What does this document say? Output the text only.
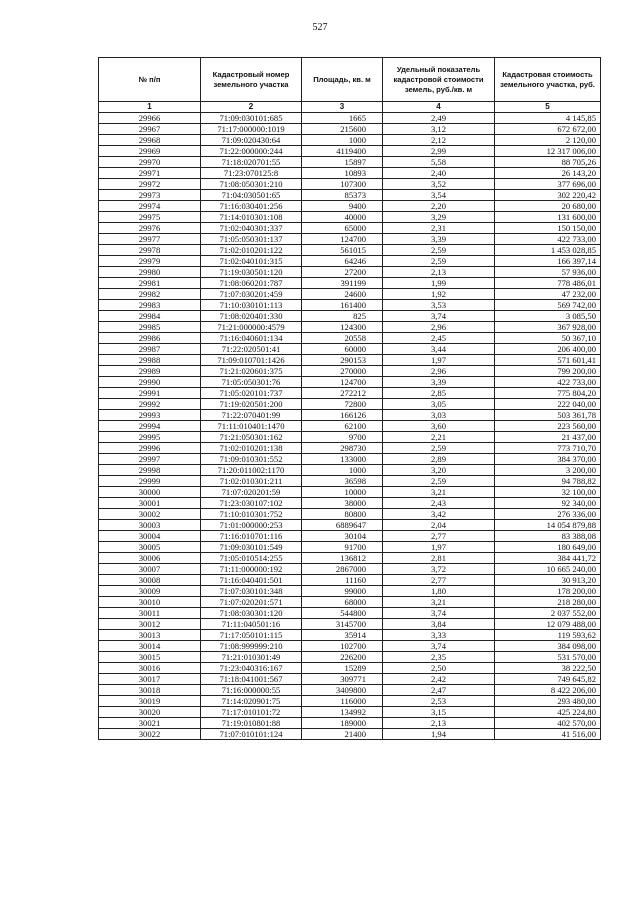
527
№ п/п	Кадастровый номер земельного участка	Площадь, кв. м	Удельный показатель кадастровой стоимости земель, руб./кв. м	Кадастровая стоимость земельного участка, руб.
1	2	3	4	5
29966	71:09:030101:685	1665	2,49	4 145,85
29967	71:17:000000:1019	215600	3,12	672 672,00
29968	71:09:020430:64	1000	2,12	2 120,00
29969	71:22:000000:244	4119400	2,99	12 317 006,00
29970	71:18:020701:55	15897	5,58	88 705,26
29971	71:23:070125:8	10893	2,40	26 143,20
29972	71:08:050301:210	107300	3,52	377 696,00
29973	71:04:030501:65	85373	3,54	302 220,42
29974	71:16:030401:256	9400	2,20	20 680,00
29975	71:14:010301:108	40000	3,29	131 600,00
29976	71:02:040301:337	65000	2,31	150 150,00
29977	71:05:050301:137	124700	3,39	422 733,00
29978	71:02:010201:122	561015	2,59	1 453 028,85
29979	71:02:040101:315	64246	2,59	166 397,14
29980	71:19:030501:120	27200	2,13	57 936,00
29981	71:08:060201:787	391199	1,99	778 486,01
29982	71:07:030201:459	24600	1,92	47 232,00
29983	71:10:030101:113	161400	3,53	569 742,00
29984	71:08:020401:330	825	3,74	3 085,50
29985	71:21:000000:4579	124300	2,96	367 928,00
29986	71:16:040601:134	20558	2,45	50 367,10
29987	71:22:020501:41	60000	3,44	206 400,00
29988	71:09:010701:1426	290153	1,97	571 601,41
29989	71:21:020601:375	270000	2,96	799 200,00
29990	71:05:050301:76	124700	3,39	422 733,00
29991	71:05:020101:737	272212	2,85	775 804,20
29992	71:19:020501:200	72800	3,05	222 040,00
29993	71:22:070401:99	166126	3,03	503 361,78
29994	71:11:010401:1470	62100	3,60	223 560,00
29995	71:21:050301:162	9700	2,21	21 437,00
29996	71:02:010201:138	298730	2,59	773 710,70
29997	71:09:010301:552	133000	2,89	384 370,00
29998	71:20:011002:1170	1000	3,20	3 200,00
29999	71:02:010301:211	36598	2,59	94 788,82
30000	71:07:020201:59	10000	3,21	32 100,00
30001	71:23:030107:102	38000	2,43	92 340,00
30002	71:10:010301:752	80800	3,42	276 336,00
30003	71:01:000000:253	6889647	2,04	14 054 879,88
30004	71:16:010701:116	30104	2,77	83 388,08
30005	71:09:030101:549	91700	1,97	180 649,00
30006	71:05:010514:255	136812	2,81	384 441,72
30007	71:11:000000:192	2867000	3,72	10 665 240,00
30008	71:16:040401:501	11160	2,77	30 913,20
30009	71:07:030101:348	99000	1,80	178 200,00
30010	71:07:020201:571	68000	3,21	218 280,00
30011	71:08:030301:120	544800	3,74	2 037 552,00
30012	71:11:040501:16	3145700	3,84	12 079 488,00
30013	71:17:050101:115	35914	3,33	119 593,62
30014	71:08:999999:210	102700	3,74	384 098,00
30015	71:21:010301:49	226200	2,35	531 570,00
30016	71:23:040316:167	15289	2,50	38 222,50
30017	71:18:041001:567	309771	2,42	749 645,82
30018	71:16:000000:55	3409800	2,47	8 422 206,00
30019	71:14:020901:75	116000	2,53	293 480,00
30020	71:17:010101:72	134992	3,15	425 224,80
30021	71:19:010801:88	189000	2,13	402 570,00
30022	71:07:010101:124	21400	1,94	41 516,00
